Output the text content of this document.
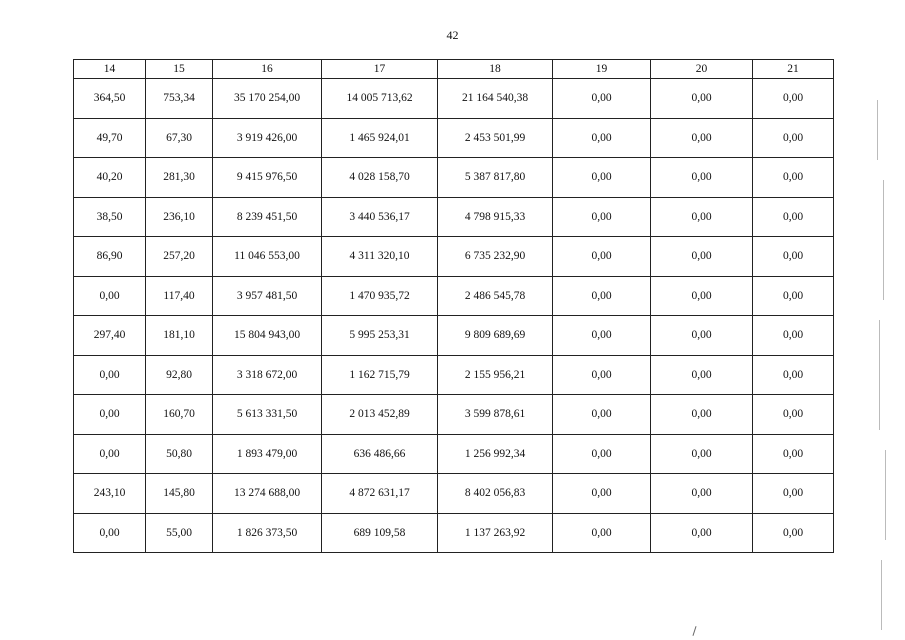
42
14	15	16	17	18	19	20	21
364,50	753,34	35 170 254,00	14 005 713,62	21 164 540,38	0,00	0,00	0,00
49,70	67,30	3 919 426,00	1 465 924,01	2 453 501,99	0,00	0,00	0,00
40,20	281,30	9 415 976,50	4 028 158,70	5 387 817,80	0,00	0,00	0,00
38,50	236,10	8 239 451,50	3 440 536,17	4 798 915,33	0,00	0,00	0,00
86,90	257,20	11 046 553,00	4 311 320,10	6 735 232,90	0,00	0,00	0,00
0,00	117,40	3 957 481,50	1 470 935,72	2 486 545,78	0,00	0,00	0,00
297,40	181,10	15 804 943,00	5 995 253,31	9 809 689,69	0,00	0,00	0,00
0,00	92,80	3 318 672,00	1 162 715,79	2 155 956,21	0,00	0,00	0,00
0,00	160,70	5 613 331,50	2 013 452,89	3 599 878,61	0,00	0,00	0,00
0,00	50,80	1 893 479,00	636 486,66	1 256 992,34	0,00	0,00	0,00
243,10	145,80	13 274 688,00	4 872 631,17	8 402 056,83	0,00	0,00	0,00
0,00	55,00	1 826 373,50	689 109,58	1 137 263,92	0,00	0,00	0,00
